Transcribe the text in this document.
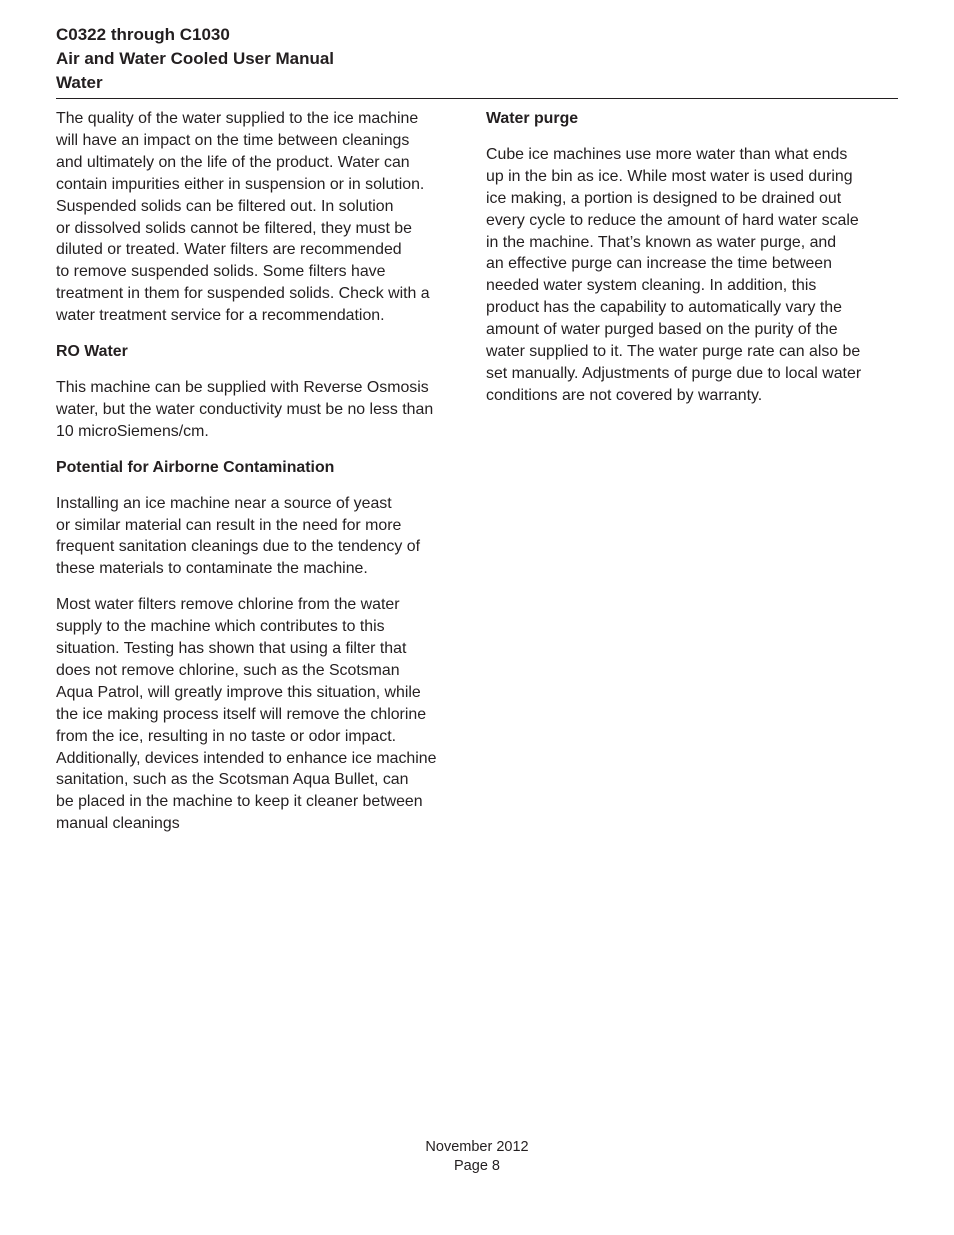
C0322 through C1030
Air and Water Cooled User Manual
Water
The quality of the water supplied to the ice machine
will have an impact on the time between cleanings
and ultimately on the life of the product. Water can
contain impurities either in suspension or in solution.
Suspended solids can be filtered out. In solution
or dissolved solids cannot be filtered, they must be
diluted or treated. Water filters are recommended
to remove suspended solids. Some filters have
treatment in them for suspended solids. Check with a
water treatment service for a recommendation.
RO Water
This machine can be supplied with Reverse Osmosis
water, but the water conductivity must be no less than
10 microSiemens/cm.
Potential for Airborne Contamination
Installing an ice machine near a source of yeast
or similar material can result in the need for more
frequent sanitation cleanings due to the tendency of
these materials to contaminate the machine.
Most water filters remove chlorine from the water
supply to the machine which contributes to this
situation. Testing has shown that using a filter that
does not remove chlorine, such as the Scotsman
Aqua Patrol, will greatly improve this situation, while
the ice making process itself will remove the chlorine
from the ice, resulting in no taste or odor impact.
Additionally, devices intended to enhance ice machine
sanitation, such as the Scotsman Aqua Bullet, can
be placed in the machine to keep it cleaner between
manual cleanings
Water purge
Cube ice machines use more water than what ends
up in the bin as ice. While most water is used during
ice making, a portion is designed to be drained out
every cycle to reduce the amount of hard water scale
in the machine. That’s known as water purge, and
an effective purge can increase the time between
needed water system cleaning. In addition, this
product has the capability to automatically vary the
amount of water purged based on the purity of the
water supplied to it. The water purge rate can also be
set manually. Adjustments of purge due to local water
conditions are not covered by warranty.
November 2012
Page 8
